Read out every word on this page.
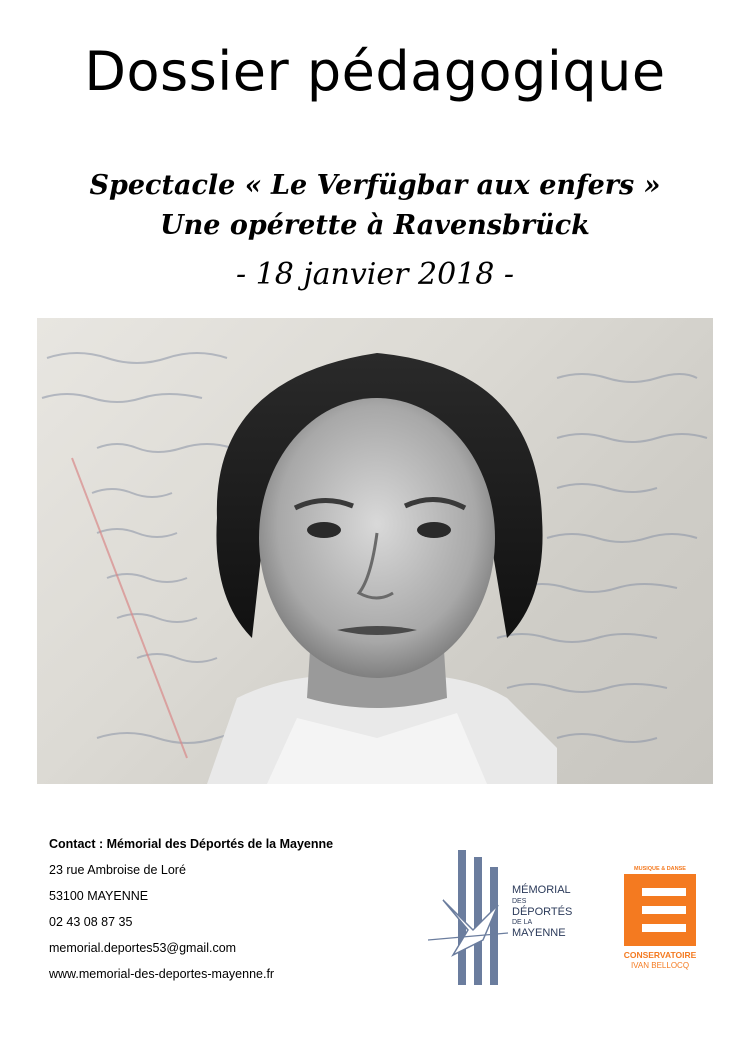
Dossier pédagogique
Spectacle « Le Verfügbar aux enfers »
Une opérette à Ravensbrück
- 18 janvier 2018 -
Contact : Mémorial des Déportés de la Mayenne
23 rue Ambroise de Loré
53100 MAYENNE
02 43 08 87 35
memorial.deportes53@gmail.com
www.memorial-des-deportes-mayenne.fr
MÉMORIAL
DES
DÉPORTÉS
DE LA
MAYENNE
MUSIQUE & DANSE
CONSERVATOIRE
IVAN BELLOCQ
